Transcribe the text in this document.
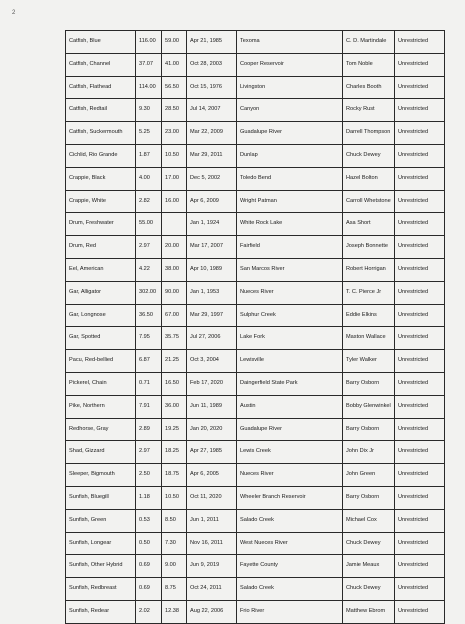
2
Catfish, Blue	116.00	59.00	Apr 21, 1985	Texoma	C. D. Martindale	Unrestricted
Catfish, Channel	37.07	41.00	Oct 28, 2003	Cooper Reservoir	Tom Noble	Unrestricted
Catfish, Flathead	114.00	56.50	Oct 15, 1976	Livingston	Charles Booth	Unrestricted
Catfish, Redtail	9.30	28.50	Jul 14, 2007	Canyon	Rocky Rust	Unrestricted
Catfish, Suckermouth	5.25	23.00	Mar 22, 2009	Guadalupe River	Darrell Thompson	Unrestricted
Cichlid, Rio Grande	1.87	10.50	Mar 29, 2011	Dunlap	Chuck Dewey	Unrestricted
Crappie, Black	4.00	17.00	Dec 5, 2002	Toledo Bend	Hazel Bolton	Unrestricted
Crappie, White	2.82	16.00	Apr 6, 2009	Wright Patman	Carroll Whetstone	Unrestricted
Drum, Freshwater	55.00		Jan 1, 1924	White Rock Lake	Asa Short	Unrestricted
Drum, Red	2.97	20.00	Mar 17, 2007	Fairfield	Joseph Bonnette	Unrestricted
Eel, American	4.22	38.00	Apr 10, 1989	San Marcos River	Robert Horrigan	Unrestricted
Gar, Alligator	302.00	90.00	Jan 1, 1953	Nueces River	T. C. Pierce Jr	Unrestricted
Gar, Longnose	36.50	67.00	Mar 29, 1997	Sulphur Creek	Eddie Elkins	Unrestricted
Gar, Spotted	7.95	35.75	Jul 27, 2006	Lake Fork	Maston Wallace	Unrestricted
Pacu, Red-bellied	6.87	21.25	Oct 3, 2004	Lewisville	Tyler Walker	Unrestricted
Pickerel, Chain	0.71	16.50	Feb 17, 2020	Daingerfield State Park	Barry Osborn	Unrestricted
Pike, Northern	7.91	36.00	Jun 11, 1989	Austin	Bobby Glenwinkel	Unrestricted
Redhorse, Gray	2.89	19.25	Jan 20, 2020	Guadalupe River	Barry Osborn	Unrestricted
Shad, Gizzard	2.97	18.25	Apr 27, 1985	Lewis Creek	John Dix Jr	Unrestricted
Sleeper, Bigmouth	2.50	18.75	Apr 6, 2005	Nueces River	John Green	Unrestricted
Sunfish, Bluegill	1.18	10.50	Oct 11, 2020	Wheeler Branch Reservoir	Barry Osborn	Unrestricted
Sunfish, Green	0.53	8.50	Jun 1, 2011	Salado Creek	Michael Cox	Unrestricted
Sunfish, Longear	0.50	7.30	Nov 16, 2011	West Nueces River	Chuck Dewey	Unrestricted
Sunfish, Other Hybrid	0.69	9.00	Jun 9, 2019	Fayette County	Jamie Meaux	Unrestricted
Sunfish, Redbreast	0.69	8.75	Oct 24, 2011	Salado Creek	Chuck Dewey	Unrestricted
Sunfish, Redear	2.02	12.38	Aug 22, 2006	Frio River	Matthew Ebrom	Unrestricted
